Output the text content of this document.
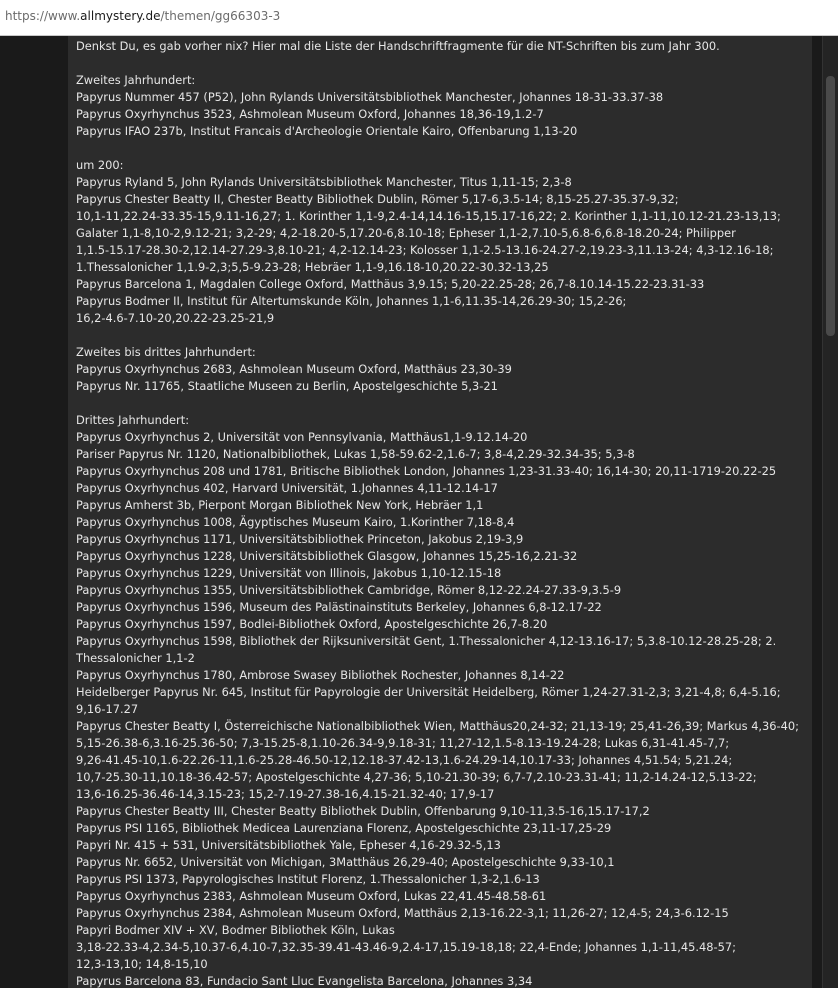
https://www.allmystery.de/themen/gg66303-3
Denkst Du, es gab vorher nix? Hier mal die Liste der Handschriftfragmente für die NT-Schriften bis zum Jahr 300.
Zweites Jahrhundert:
Papyrus Nummer 457 (P52), John Rylands Universitätsbibliothek Manchester, Johannes 18-31-33.37-38
Papyrus Oxyrhynchus 3523, Ashmolean Museum Oxford, Johannes 18,36-19,1.2-7
Papyrus IFAO 237b, Institut Francais d'Archeologie Orientale Kairo, Offenbarung 1,13-20
um 200:
Papyrus Ryland 5, John Rylands Universitätsbibliothek Manchester, Titus 1,11-15; 2,3-8
Papyrus Chester Beatty II, Chester Beatty Bibliothek Dublin, Römer 5,17-6,3.5-14; 8,15-25.27-35.37-9,32;
10,1-11,22.24-33.35-15,9.11-16,27; 1. Korinther 1,1-9,2.4-14,14.16-15,15.17-16,22; 2. Korinther 1,1-11,10.12-21.23-13,13;
Galater 1,1-8,10-2,9.12-21; 3,2-29; 4,2-18.20-5,17.20-6,8.10-18; Epheser 1,1-2,7.10-5,6.8-6,6.8-18.20-24; Philipper
1,1.5-15.17-28.30-2,12.14-27.29-3,8.10-21; 4,2-12.14-23; Kolosser 1,1-2.5-13.16-24.27-2,19.23-3,11.13-24; 4,3-12.16-18;
1.Thessalonicher 1,1.9-2,3;5,5-9.23-28; Hebräer 1,1-9,16.18-10,20.22-30.32-13,25
Papyrus Barcelona 1, Magdalen College Oxford, Matthäus 3,9.15; 5,20-22.25-28; 26,7-8.10.14-15.22-23.31-33
Papyrus Bodmer II, Institut für Altertumskunde Köln, Johannes 1,1-6,11.35-14,26.29-30; 15,2-26;
16,2-4.6-7.10-20,20.22-23.25-21,9
Zweites bis drittes Jahrhundert:
Papyrus Oxyrhynchus 2683, Ashmolean Museum Oxford, Matthäus 23,30-39
Papyrus Nr. 11765, Staatliche Museen zu Berlin, Apostelgeschichte 5,3-21
Drittes Jahrhundert:
Papyrus Oxyrhynchus 2, Universität von Pennsylvania, Matthäus1,1-9.12.14-20
Pariser Papyrus Nr. 1120, Nationalbibliothek, Lukas 1,58-59.62-2,1.6-7; 3,8-4,2.29-32.34-35; 5,3-8
Papyrus Oxyrhynchus 208 und 1781, Britische Bibliothek London, Johannes 1,23-31.33-40; 16,14-30; 20,11-1719-20.22-25
Papyrus Oxyrhynchus 402, Harvard Universität, 1.Johannes 4,11-12.14-17
Papyrus Amherst 3b, Pierpont Morgan Bibliothek New York, Hebräer 1,1
Papyrus Oxyrhynchus 1008, Ägyptisches Museum Kairo, 1.Korinther 7,18-8,4
Papyrus Oxyrhynchus 1171, Universitätsbibliothek Princeton, Jakobus 2,19-3,9
Papyrus Oxyrhynchus 1228, Universitätsbibliothek Glasgow, Johannes 15,25-16,2.21-32
Papyrus Oxyrhynchus 1229, Universität von Illinois, Jakobus 1,10-12.15-18
Papyrus Oxyrhynchus 1355, Universitätsbibliothek Cambridge, Römer 8,12-22.24-27.33-9,3.5-9
Papyrus Oxyrhynchus 1596, Museum des Palästinainstituts Berkeley, Johannes 6,8-12.17-22
Papyrus Oxyrhynchus 1597, Bodlei-Bibliothek Oxford, Apostelgeschichte 26,7-8.20
Papyrus Oxyrhynchus 1598, Bibliothek der Rijksuniversität Gent, 1.Thessalonicher 4,12-13.16-17; 5,3.8-10.12-28.25-28; 2.
Thessalonicher 1,1-2
Papyrus Oxyrhynchus 1780, Ambrose Swasey Bibliothek Rochester, Johannes 8,14-22
Heidelberger Papyrus Nr. 645, Institut für Papyrologie der Universität Heidelberg, Römer 1,24-27.31-2,3; 3,21-4,8; 6,4-5.16;
9,16-17.27
Papyrus Chester Beatty I, Österreichische Nationalbibliothek Wien, Matthäus20,24-32; 21,13-19; 25,41-26,39; Markus 4,36-40;
5,15-26.38-6,3.16-25.36-50; 7,3-15.25-8,1.10-26.34-9,9.18-31; 11,27-12,1.5-8.13-19.24-28; Lukas 6,31-41.45-7,7;
9,26-41.45-10,1.6-22.26-11,1.6-25.28-46.50-12,12.18-37.42-13,1.6-24.29-14,10.17-33; Johannes 4,51.54; 5,21.24;
10,7-25.30-11,10.18-36.42-57; Apostelgeschichte 4,27-36; 5,10-21.30-39; 6,7-7,2.10-23.31-41; 11,2-14.24-12,5.13-22;
13,6-16.25-36.46-14,3.15-23; 15,2-7.19-27.38-16,4.15-21.32-40; 17,9-17
Papyrus Chester Beatty III, Chester Beatty Bibliothek Dublin, Offenbarung 9,10-11,3.5-16,15.17-17,2
Papyrus PSI 1165, Bibliothek Medicea Laurenziana Florenz, Apostelgeschichte 23,11-17,25-29
Papyri Nr. 415 + 531, Universitätsbibliothek Yale, Epheser 4,16-29.32-5,13
Papyrus Nr. 6652, Universität von Michigan, 3Matthäus 26,29-40; Apostelgeschichte 9,33-10,1
Papyrus PSI 1373, Papyrologisches Institut Florenz, 1.Thessalonicher 1,3-2,1.6-13
Papyrus Oxyrhynchus 2383, Ashmolean Museum Oxford, Lukas 22,41.45-48.58-61
Papyrus Oxyrhynchus 2384, Ashmolean Museum Oxford, Matthäus 2,13-16.22-3,1; 11,26-27; 12,4-5; 24,3-6.12-15
Papyri Bodmer XIV + XV, Bodmer Bibliothek Köln, Lukas
3,18-22.33-4,2.34-5,10.37-6,4.10-7,32.35-39.41-43.46-9,2.4-17,15.19-18,18; 22,4-Ende; Johannes 1,1-11,45.48-57;
12,3-13,10; 14,8-15,10
Papyrus Barcelona 83, Fundacio Sant Lluc Evangelista Barcelona, Johannes 3,34
